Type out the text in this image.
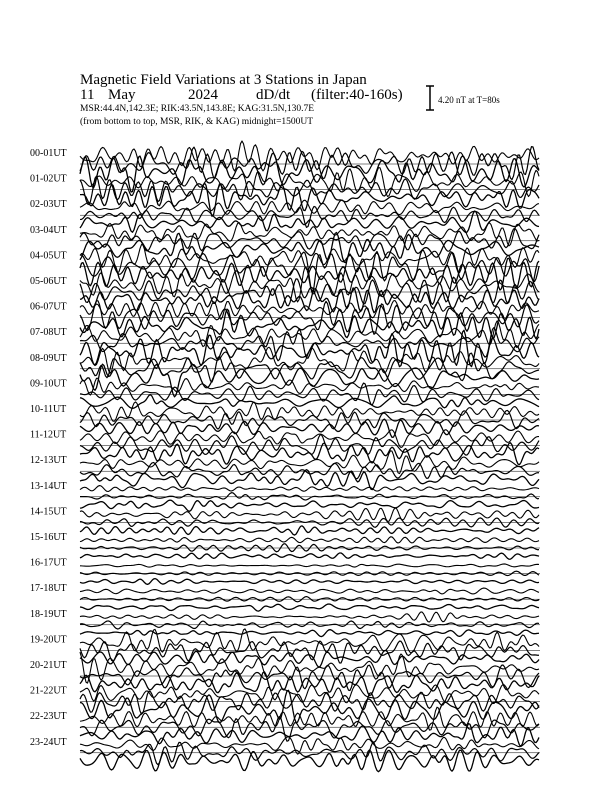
Magnetic Field Variations at 3 Stations in Japan
11 May	2024	dD/dt (filter:40-160s)
MSR:44.4N,142.3E; RIK:43.5N,143.8E; KAG:31.5N,130.7E
(from bottom to top, MSR, RIK, & KAG) midnight=1500UT
4.20 nT at T=80s
00-01UT
01-02UT
02-03UT
03-04UT
04-05UT
05-06UT
06-07UT
07-08UT
08-09UT
09-10UT
10-11UT
11-12UT
12-13UT
13-14UT
14-15UT
15-16UT
16-17UT
17-18UT
18-19UT
19-20UT
20-21UT
21-22UT
22-23UT
23-24UT
